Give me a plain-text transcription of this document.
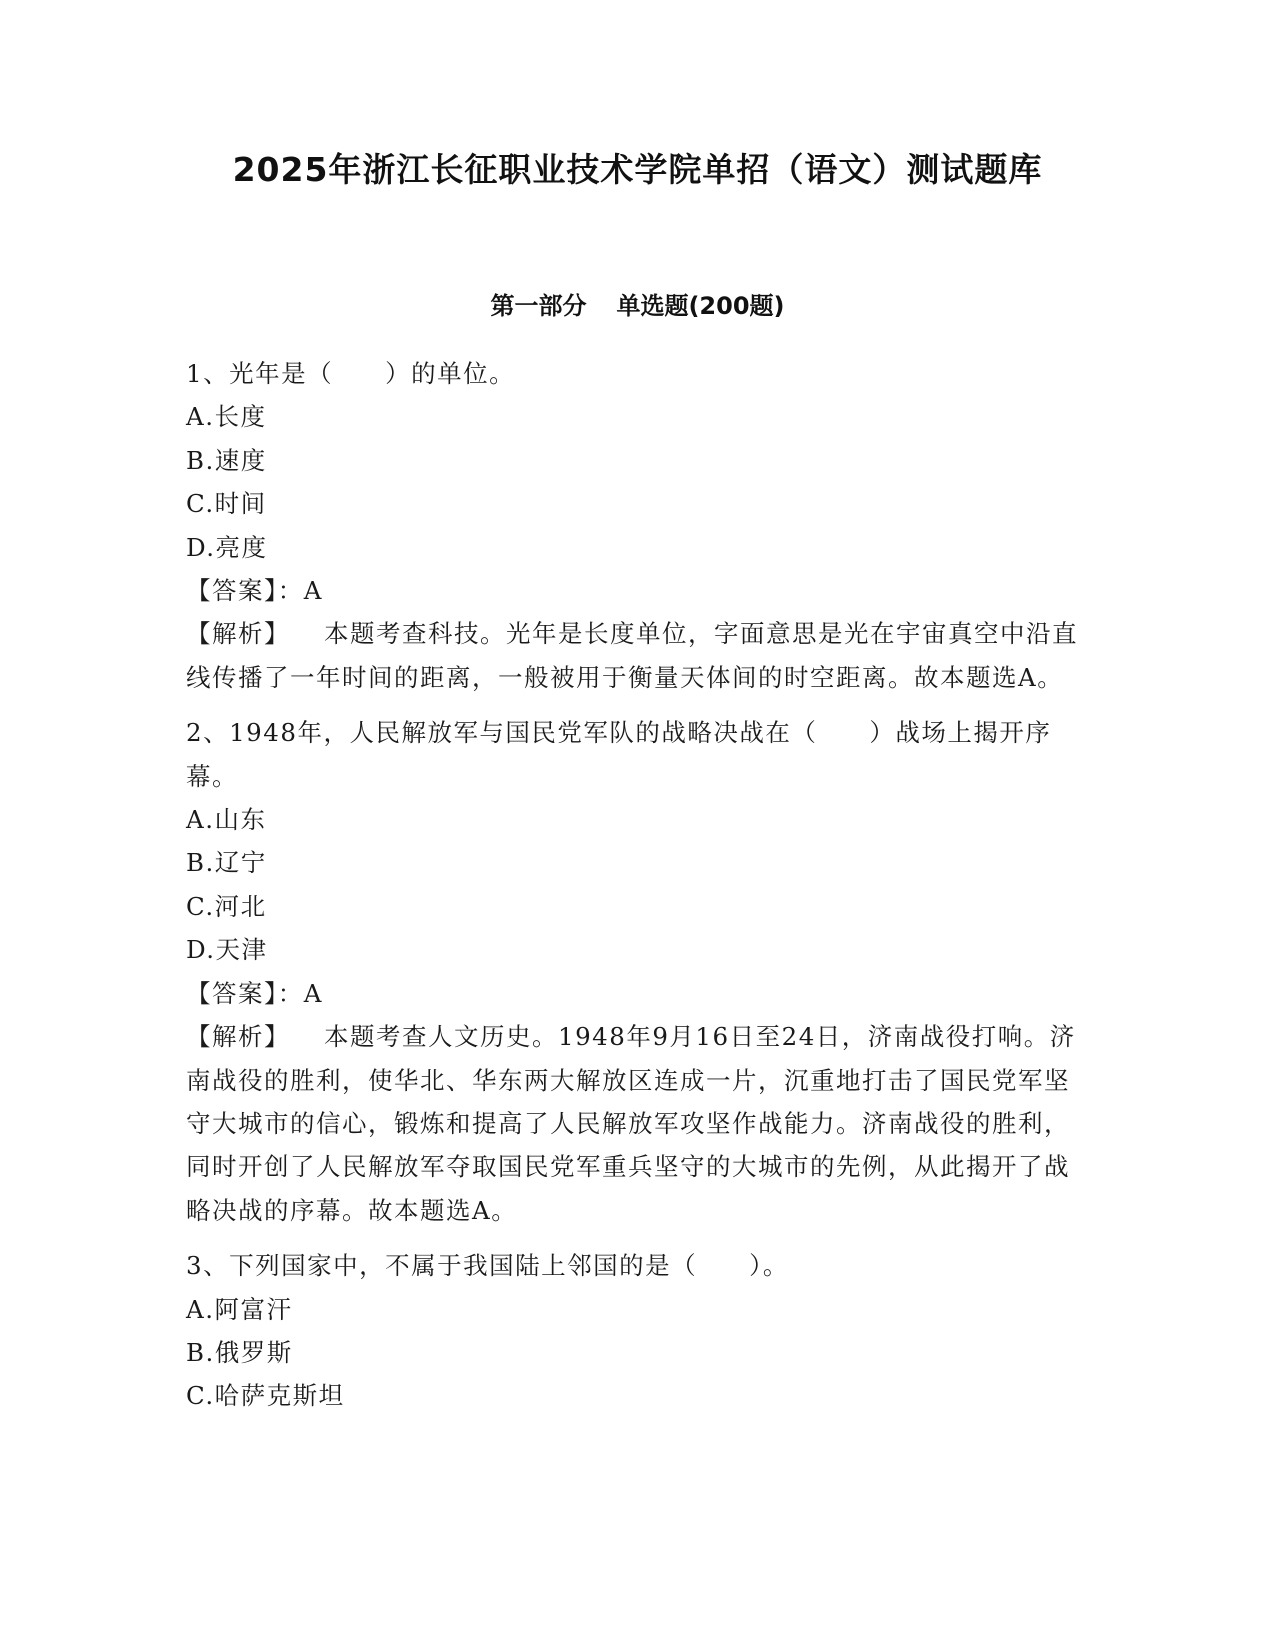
2025年浙江长征职业技术学院单招（语文）测试题库
第一部分 单选题(200题)

1、光年是（　　）的单位。

A.长度

B.速度

C.时间

D.亮度

【答案】：A

【解析】 本题考查科技。光年是长度单位，字面意思是光在宇宙真空中沿直线传播了一年时间的距离，一般被用于衡量天体间的时空距离。故本题选A。

2、1948年，人民解放军与国民党军队的战略决战在（　　）战场上揭开序幕。

A.山东

B.辽宁

C.河北

D.天津

【答案】：A

【解析】 本题考查人文历史。1948年9月16日至24日，济南战役打响。济南战役的胜利，使华北、华东两大解放区连成一片，沉重地打击了国民党军坚守大城市的信心，锻炼和提高了人民解放军攻坚作战能力。济南战役的胜利，同时开创了人民解放军夺取国民党军重兵坚守的大城市的先例，从此揭开了战略决战的序幕。故本题选A。

3、下列国家中，不属于我国陆上邻国的是（　　）。

A.阿富汗

B.俄罗斯

C.哈萨克斯坦
